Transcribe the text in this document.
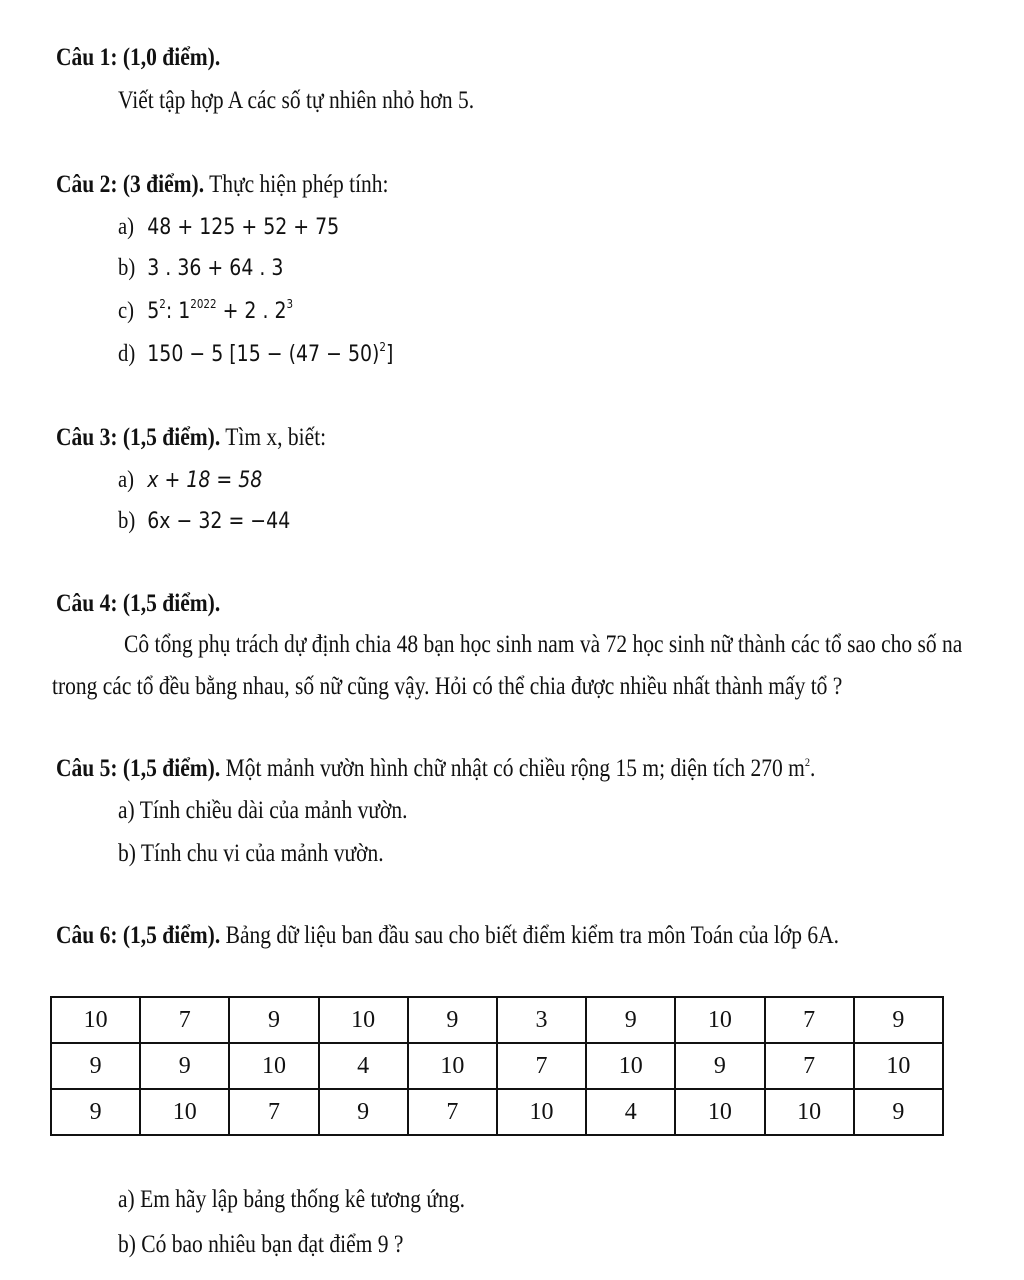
Câu 1: (1,0 điểm).
Viết tập hợp A các số tự nhiên nhỏ hơn 5.
Câu 2: (3 điểm). Thực hiện phép tính:
a) 48 + 125 + 52 + 75
b) 3 . 36 + 64 . 3
c) $5^2$: $1^{2022} + 2$ . $2^3$
d) 150 − 5 $[15 - (47 - 50)^2]$
Câu 3: (1,5 điểm). Tìm x, biết:
a) x + 18 = 58
b) 6x − 32 = −44
Câu 4: (1,5 điểm).
Cô tổng phụ trách dự định chia 48 bạn học sinh nam và 72 học sinh nữ thành các tổ sao cho số na
trong các tổ đều bằng nhau, số nữ cũng vậy. Hỏi có thể chia được nhiều nhất thành mấy tổ ?
Câu 5: (1,5 điểm). Một mảnh vườn hình chữ nhật có chiều rộng 15 m; diện tích 270 $m^2$.
a) Tính chiều dài của mảnh vườn.
b) Tính chu vi của mảnh vườn.
Câu 6: (1,5 điểm). Bảng dữ liệu ban đầu sau cho biết điểm kiểm tra môn Toán của lớp 6A.
10	7	9	10	9	3	9	10	7	9
9	9	10	4	10	7	10	9	7	10
9	10	7	9	7	10	4	10	10	9
a) Em hãy lập bảng thống kê tương ứng.
b) Có bao nhiêu bạn đạt điểm 9 ?
